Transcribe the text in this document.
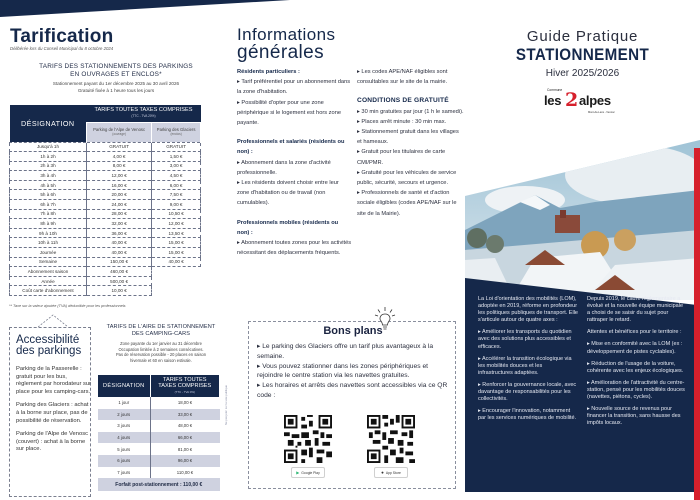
Tarification
Délibérée lors du Conseil Municipal du 8 octobre 2024
TARIFS DES STATIONNEMENTS DES PARKINGS
EN OUVRAGES ET ENCLOS*
Stationnement payant du 1er décembre 2025 au 30 avril 2026
Gratuité fixée à 1 heure tous les jours
DÉSIGNATION	TARIFS TOUTES TAXES COMPRISES
(TTC - TVA 20%)	

	Parking de l'Alpe de Venosc
(ouvrage)	Parking des Glaciers
(enclos)

Jusqu'à 1h	GRATUIT	GRATUIT
1h à 2h	4,00 €	1,50 €
2h à 3h	8,00 €	3,00 €
3h à 4h	12,00 €	4,50 €
4h à 5h	16,00 €	6,00 €
5h à 6h	20,00 €	7,50 €
6h à 7h	24,00 €	9,00 €
7h à 8h	28,00 €	10,50 €
8h à 9h	32,00 €	12,00 €
9h à 10h	36,00 €	13,50 €
10h à 11h	40,00 €	15,00 €
Journée	40,00 €	15,00 €
Semaine	150,00 €	40,00 €
Abonnement saison	460,00 €	
Année	500,00 €	
Coût carte d'abonnement	10,00 €	
** Taxe sur la valeur ajoutée (TVA) déductible pour les professionnels
Accessibilité
des parkings

Parking de la Passerelle : gratuit pour les bus, règlement par horodateur sur place pour les camping-cars.

Parking des Glaciers : achat à la borne sur place, pas de possibilité de réservation.

Parking de l'Alpe de Venosc (couvert) : achat à la borne sur place.

TARIFS DE L'AIRE DE STATIONNEMENT
DES CAMPING-CARS
Zone payante du 1er janvier au 31 décembre
Occupation limitée à 2 semaines consécutives.
Pas de réservation possible - 20 places en saison
hivernale et 60 en saison estivale.
DÉSIGNATION	TARIFS TOUTES
TAXES COMPRISES
(TTC - TVA 0%)

1 jour	18,00 €
2 jours	33,00 €
3 jours	48,00 €
4 jours	66,00 €
5 jours	81,00 €
6 jours	96,00 €
7 jours	110,00 €
Forfait post-stationnement : 110,00 €	
Ne pas jeter sur la voie publique
Informations
générales
Résidents particuliers :
▸ Tarif préférentiel pour un abonnement dans la zone d'habitation.

▸ Possibilité d'opter pour une zone périphérique si le logement est hors zone payante.

Professionnels et salariés (résidents ou non) :
▸ Abonnement dans la zone d'activité professionnelle.

▸ Les résidents doivent choisir entre leur zone d'habitation ou de travail (non cumulables).

Professionnels mobiles (résidents ou non) :
▸ Abonnement toutes zones pour les activités nécessitant des déplacements fréquents.

▸ Les codes APE/NAF éligibles sont consultables sur le site de la mairie.

CONDITIONS DE GRATUITÉ
▸ 30 min gratuites par jour (1 h le samedi).
▸ Places arrêt minute : 30 min max.
▸ Stationnement gratuit dans les villages et hameaux.
▸ Gratuit pour les titulaires de carte CMI/PMR.
▸ Gratuité pour les véhicules de service public, sécurité, secours et urgence.
▸ Professionnels de santé et d'action sociale éligibles (codes APE/NAF sur le site de la Mairie).
Bons plans
▸ Le parking des Glaciers offre un tarif plus avantageux à la semaine.
▸ Vous pouvez stationner dans les zones périphériques et rejoindre le centre station via les navettes gratuites.
▸ Les horaires et arrêts des navettes sont accessibles via ce QR code :
▶ Google Play	● App Store
Guide Pratique
STATIONNEMENT
Hiver 2025/2026
Commune
les 2 alpes
Mont-de-Lans - Venosc

La Loi d'orientation des mobilités (LOM), adoptée en 2019, réforme en profondeur les politiques publiques de transport. Elle s'articule autour de quatre axes :

▸ Améliorer les transports du quotidien avec des solutions plus accessibles et efficaces.

▸ Accélérer la transition écologique via les mobilités douces et les infrastructures adaptées.

▸ Renforcer la gouvernance locale, avec davantage de responsabilités pour les collectivités.

▸ Encourager l'innovation, notamment par les services numériques de mobilité.

Depuis 2019, le cadre réglementaire a évolué et la nouvelle équipe municipale a choisi de se saisir du sujet pour rattraper le retard.

Attentes et bénéfices pour le territoire :

▸ Mise en conformité avec la LOM (ex : développement de pistes cyclables).

▸ Réduction de l'usage de la voiture, cohérente avec les enjeux écologiques.

▸ Amélioration de l'attractivité du centre-station, pensé pour les mobilités douces (navettes, piétons, cycles).

▸ Nouvelle source de revenus pour financer la transition, sans hausse des impôts locaux.
